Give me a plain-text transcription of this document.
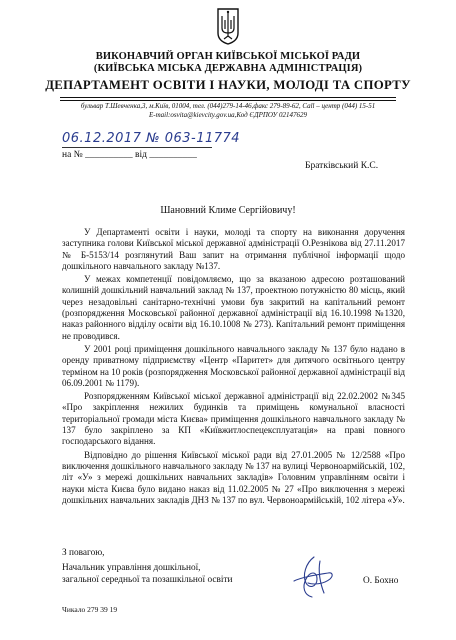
ВИКОНАВЧИЙ ОРГАН КИЇВСЬКОЇ МІСЬКОЇ РАДИ
(КИЇВСЬКА МІСЬКА ДЕРЖАВНА АДМІНІСТРАЦІЯ)
ДЕПАРТАМЕНТ ОСВІТИ І НАУКИ, МОЛОДІ ТА СПОРТУ
бульвар Т.Шевченка,3, м.Київ, 01004, тел. (044)279-14-46,факс 279-89-62, Call – центр (044) 15-51
E-mail:osvita@kievcity.gov.ua,Код ЄДРПОУ 02147629
06.12.2017 № 063-11774
на № __________ від __________
Братківський К.С.
Шановний Климе Сергійовичу!

У Департаменті освіти і науки, молоді та спорту на виконання доручення заступника голови Київської міської державної адміністрації О.Резнікова від 27.11.2017 № Б-5153/14 розглянутий Ваш запит на отримання публічної інформації щодо дошкільного навчального закладу №137.

У межах компетенції повідомляємо, що за вказаною адресою розташований колишній дошкільний навчальний заклад № 137, проектною потужністю 80 місць, який через незадовільні санітарно-технічні умови був закритий на капітальний ремонт (розпорядження Московської районної державної адміністрації від 16.10.1998 №1320, наказ районного відділу освіти від 16.10.1008 № 273). Капітальний ремонт приміщення не проводився.

У 2001 році приміщення дошкільного навчального закладу № 137 було надано в оренду приватному підприємству «Центр «Паритет» для дитячого освітнього центру терміном на 10 років (розпорядження Московської районної державної адміністрації від 06.09.2001 № 1179).

Розпорядженням Київської міської державної адміністрації від 22.02.2002 №345 «Про закріплення нежилих будинків та приміщень комунальної власності територіальної громади міста Києва» приміщення дошкільного навчального закладу № 137 було закріплено за КП «Київжитлоспецексплуатація» на праві повного господарського відання.

Відповідно до рішення Київської міської ради від 27.01.2005 № 12/2588 «Про виключення дошкільного навчального закладу № 137 на вулиці Червоноармійській, 102, літ «У» з мережі дошкільних навчальних закладів» Головним управлінням освіти і науки міста Києва було видано наказ від 11.02.2005 № 27 «Про виключення з мережі дошкільних навчальних закладів ДНЗ № 137 по вул. Червоноармійській, 102 літера «У».

З повагою,
Начальник управління дошкільної,
загальної середньої та позашкільної освіти	О. Бохно
Чикало 279 39 19
